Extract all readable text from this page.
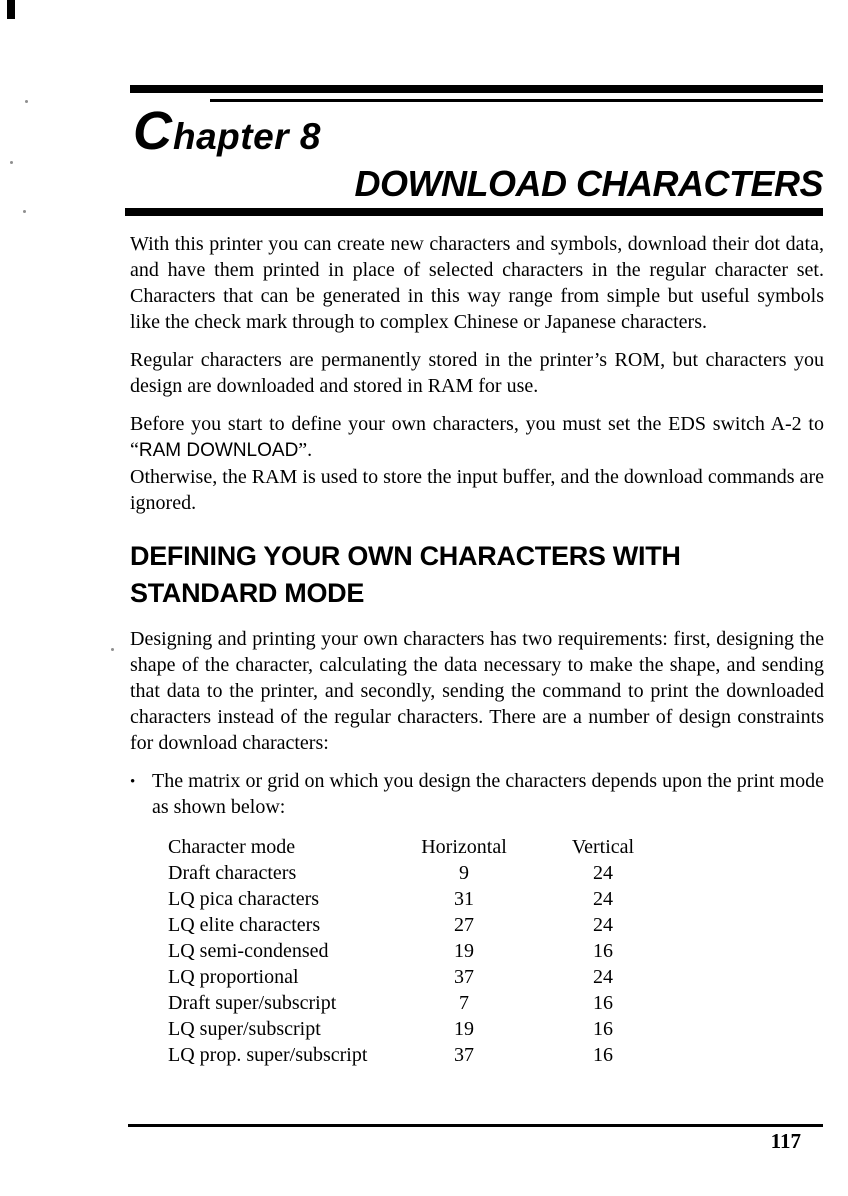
C hapter 8
DOWNLOAD CHARACTERS

With this printer you can create new characters and symbols, download their dot data, and have them printed in place of selected characters in the regular character set. Characters that can be generated in this way range from simple but useful symbols like the check mark through to complex Chinese or Japanese characters.

Regular characters are permanently stored in the printer’s ROM, but characters you design are downloaded and stored in RAM for use.

Before you start to define your own characters, you must set the EDS switch A-2 to “RAM DOWNLOAD”.
Otherwise, the RAM is used to store the input buffer, and the download commands are ignored.

DEFINING YOUR OWN CHARACTERS WITH STANDARD MODE

Designing and printing your own characters has two requirements: first, designing the shape of the character, calculating the data necessary to make the shape, and sending that data to the printer, and secondly, sending the command to print the downloaded characters instead of the regular characters. There are a number of design constraints for download characters:

• The matrix or grid on which you design the characters depends upon the print mode as shown below:
Character mode	Horizontal	Vertical
Draft characters	9	24
LQ pica characters	31	24
LQ elite characters	27	24
LQ semi-condensed	19	16
LQ proportional	37	24
Draft super/subscript	7	16
LQ super/subscript	19	16
LQ prop. super/subscript	37	16
117
